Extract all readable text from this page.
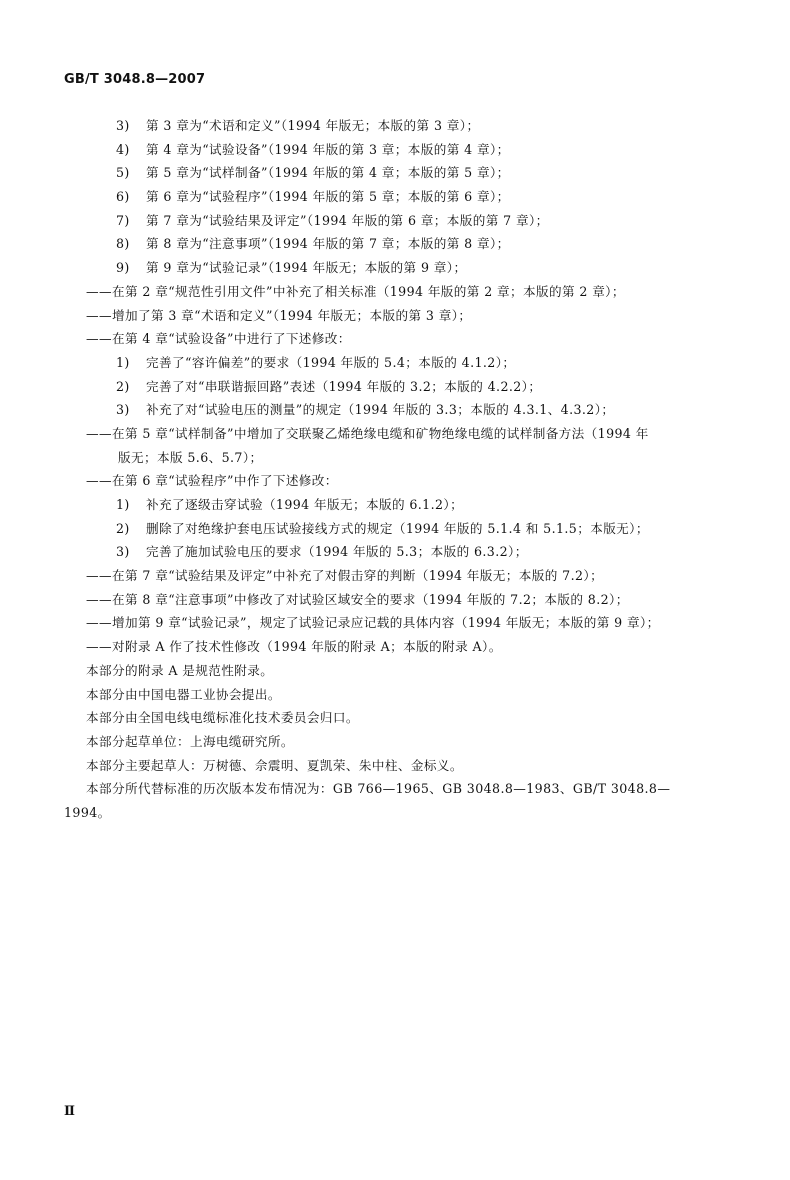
GB/T 3048.8—2007
3) 第 3 章为“术语和定义”（1994 年版无；本版的第 3 章）；
4) 第 4 章为“试验设备”（1994 年版的第 3 章；本版的第 4 章）；
5) 第 5 章为“试样制备”（1994 年版的第 4 章；本版的第 5 章）；
6) 第 6 章为“试验程序”（1994 年版的第 5 章；本版的第 6 章）；
7) 第 7 章为“试验结果及评定”（1994 年版的第 6 章；本版的第 7 章）；
8) 第 8 章为“注意事项”（1994 年版的第 7 章；本版的第 8 章）；
9) 第 9 章为“试验记录”（1994 年版无；本版的第 9 章）；
——在第 2 章“规范性引用文件”中补充了相关标准（1994 年版的第 2 章；本版的第 2 章）；
——增加了第 3 章“术语和定义”（1994 年版无；本版的第 3 章）；
——在第 4 章“试验设备”中进行了下述修改：
1) 完善了“容许偏差”的要求（1994 年版的 5.4；本版的 4.1.2）；
2) 完善了对“串联谐振回路”表述（1994 年版的 3.2；本版的 4.2.2）；
3) 补充了对“试验电压的测量”的规定（1994 年版的 3.3；本版的 4.3.1、4.3.2）；
——在第 5 章“试样制备”中增加了交联聚乙烯绝缘电缆和矿物绝缘电缆的试样制备方法（1994 年
版无；本版 5.6、5.7）；
——在第 6 章“试验程序”中作了下述修改：
1) 补充了逐级击穿试验（1994 年版无；本版的 6.1.2）；
2) 删除了对绝缘护套电压试验接线方式的规定（1994 年版的 5.1.4 和 5.1.5；本版无）；
3) 完善了施加试验电压的要求（1994 年版的 5.3；本版的 6.3.2）；
——在第 7 章“试验结果及评定”中补充了对假击穿的判断（1994 年版无；本版的 7.2）；
——在第 8 章“注意事项”中修改了对试验区域安全的要求（1994 年版的 7.2；本版的 8.2）；
——增加第 9 章“试验记录”，规定了试验记录应记载的具体内容（1994 年版无；本版的第 9 章）；
——对附录 A 作了技术性修改（1994 年版的附录 A；本版的附录 A）。
本部分的附录 A 是规范性附录。
本部分由中国电器工业协会提出。
本部分由全国电线电缆标准化技术委员会归口。
本部分起草单位：上海电缆研究所。
本部分主要起草人：万树德、佘震明、夏凯荣、朱中柱、金标义。
本部分所代替标准的历次版本发布情况为：GB 766—1965、GB 3048.8—1983、GB/T 3048.8—
1994。
Ⅱ
